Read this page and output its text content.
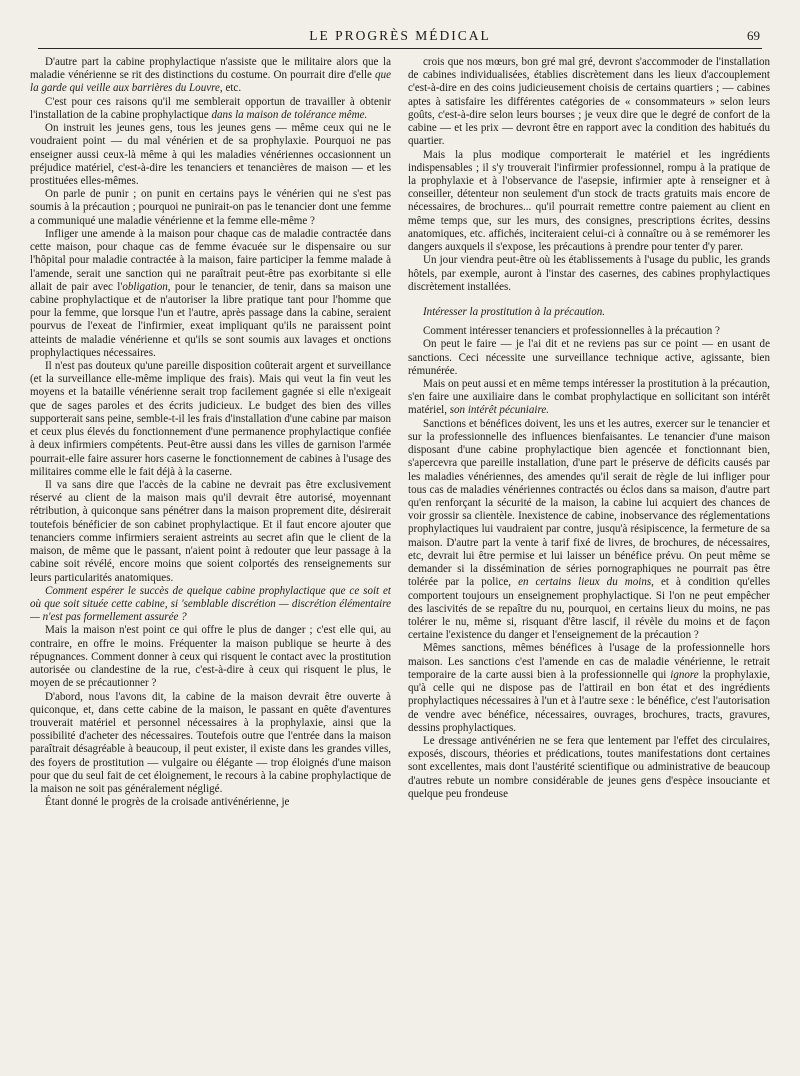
LE PROGRÈS MÉDICAL	69

D'autre part la cabine prophylactique n'assiste que le militaire alors que la maladie vénérienne se rit des distinctions du costume. On pourrait dire d'elle que la garde qui veille aux barrières du Louvre, etc.

C'est pour ces raisons qu'il me semblerait opportun de travailler à obtenir l'installation de la cabine prophylactique dans la maison de tolérance même.

On instruit les jeunes gens, tous les jeunes gens — même ceux qui ne le voudraient point — du mal vénérien et de sa prophylaxie. Pourquoi ne pas enseigner aussi ceux-là même à qui les maladies vénériennes occasionnent un préjudice matériel, c'est-à-dire les tenanciers et tenancières de maison — et les prostituées elles-mêmes.

On parle de punir ; on punit en certains pays le vénérien qui ne s'est pas soumis à la précaution ; pourquoi ne punirait-on pas le tenancier dont une femme a communiqué une maladie vénérienne et la femme elle-même ?

Infliger une amende à la maison pour chaque cas de maladie contractée dans cette maison, pour chaque cas de femme évacuée sur le dispensaire ou sur l'hôpital pour maladie contractée à la maison, faire participer la femme malade à l'amende, serait une sanction qui ne paraîtrait peut-être pas exorbitante si elle allait de pair avec l'obligation, pour le tenancier, de tenir, dans sa maison une cabine prophylactique et de n'autoriser la libre pratique tant pour l'homme que pour la femme, que lorsque l'un et l'autre, après passage dans la cabine, seraient pourvus de l'exeat de l'infirmier, exeat impliquant qu'ils ne paraissent point atteints de maladie vénérienne et qu'ils se sont soumis aux lavages et onctions prophylactiques nécessaires.

Il n'est pas douteux qu'une pareille disposition coûterait argent et surveillance (et la surveillance elle-même implique des frais). Mais qui veut la fin veut les moyens et la bataille vénérienne serait trop facilement gagnée si elle n'exigeait que de sages paroles et des écrits judicieux. Le budget des bien des villes supporterait sans peine, semble-t-il les frais d'installation d'une cabine par maison et ceux plus élevés du fonctionnement d'une permanence prophylactique confiée à deux infirmiers compétents. Peut-être aussi dans les villes de garnison l'armée pourrait-elle faire assurer hors caserne le fonctionnement de cabines à l'usage des militaires comme elle le fait déjà à la caserne.

Il va sans dire que l'accès de la cabine ne devrait pas être exclusivement réservé au client de la maison mais qu'il devrait être autorisé, moyennant rétribution, à quiconque sans pénétrer dans la maison proprement dite, désirerait toutefois bénéficier de son cabinet prophylactique. Et il faut encore ajouter que tenanciers comme infirmiers seraient astreints au secret afin que le client de la maison, de même que le passant, n'aient point à redouter que leur passage à la cabine soit révélé, encore moins que soient colportés des renseignements sur leurs particularités anatomiques.

Comment espérer le succès de quelque cabine prophylactique que ce soit et où que soit située cette cabine, si 'semblable discrétion — discrétion élémentaire — n'est pas formellement assurée ?

Mais la maison n'est point ce qui offre le plus de danger ; c'est elle qui, au contraire, en offre le moins. Fréquenter la maison publique se heurte à des répugnances. Comment donner à ceux qui risquent le contact avec la prostitution autorisée ou clandestine de la rue, c'est-à-dire à ceux qui risquent le plus, le moyen de se précautionner ?

D'abord, nous l'avons dit, la cabine de la maison devrait être ouverte à quiconque, et, dans cette cabine de la maison, le passant en quête d'aventures trouverait matériel et personnel nécessaires à la prophylaxie, ainsi que la possibilité d'acheter des nécessaires. Toutefois outre que l'entrée dans la maison paraîtrait désagréable à beaucoup, il peut exister, il existe dans les grandes villes, des foyers de prostitution — vulgaire ou élégante — trop éloignés d'une maison pour que du seul fait de cet éloignement, le recours à la cabine prophylactique de la maison ne soit pas généralement négligé.

Étant donné le progrès de la croisade antivénérienne, je

crois que nos mœurs, bon gré mal gré, devront s'accommoder de l'installation de cabines individualisées, établies discrètement dans les lieux d'accouplement c'est-à-dire en des coins judicieusement choisis de certains quartiers ; — cabines aptes à satisfaire les différentes catégories de « consommateurs » selon leurs goûts, c'est-à-dire selon leurs bourses ; je veux dire que le degré de confort de la cabine — et les prix — devront être en rapport avec la condition des habitués du quartier.

Mais la plus modique comporterait le matériel et les ingrédients indispensables ; il s'y trouverait l'infirmier professionnel, rompu à la pratique de la prophylaxie et à l'observance de l'asepsie, infirmier apte à renseigner et à conseiller, détenteur non seulement d'un stock de tracts gratuits mais encore de nécessaires, de brochures... qu'il pourrait remettre contre paiement au client en même temps que, sur les murs, des consignes, prescriptions écrites, dessins anatomiques, etc. affichés, inciteraient celui-ci à connaître ou à se remémorer les dangers auxquels il s'expose, les précautions à prendre pour tenter d'y parer.

Un jour viendra peut-être où les établissements à l'usage du public, les grands hôtels, par exemple, auront à l'instar des casernes, des cabines prophylactiques discrètement installées.

Intéresser la prostitution à la précaution.

Comment intéresser tenanciers et professionnelles à la précaution ?

On peut le faire — je l'ai dit et ne reviens pas sur ce point — en usant de sanctions. Ceci nécessite une surveillance technique active, agissante, bien rémunérée.

Mais on peut aussi et en même temps intéresser la prostitution à la précaution, s'en faire une auxiliaire dans le combat prophylactique en sollicitant son intérêt matériel, son intérêt pécuniaire.

Sanctions et bénéfices doivent, les uns et les autres, exercer sur le tenancier et sur la professionnelle des influences bienfaisantes. Le tenancier d'une maison disposant d'une cabine prophylactique bien agencée et fonctionnant bien, s'apercevra que pareille installation, d'une part le préserve de déficits causés par les maladies vénériennes, des amendes qu'il serait de règle de lui infliger pour tous cas de maladies vénériennes contractés ou éclos dans sa maison, d'autre part qu'en renforçant la sécurité de la maison, la cabine lui acquiert des chances de voir grossir sa clientèle. Inexistence de cabine, inobservance des réglementations prophylactiques lui vaudraient par contre, jusqu'à résipiscence, la fermeture de sa maison. D'autre part la vente à tarif fixé de livres, de brochures, de nécessaires, etc, devrait lui être permise et lui laisser un bénéfice prévu. On peut même se demander si la dissémination de séries pornographiques ne pourrait pas être tolérée par la police, en certains lieux du moins, et à condition qu'elles comportent toujours un enseignement prophylactique. Si l'on ne peut empêcher des lascivités de se repaître du nu, pourquoi, en certains lieux du moins, ne pas tolérer le nu, même si, risquant d'être lascif, il révèle du moins et de façon certaine l'existence du danger et l'enseignement de la précaution ?

Mêmes sanctions, mêmes bénéfices à l'usage de la professionnelle hors maison. Les sanctions c'est l'amende en cas de maladie vénérienne, le retrait temporaire de la carte aussi bien à la professionnelle qui ignore la prophylaxie, qu'à celle qui ne dispose pas de l'attirail en bon état et des ingrédients prophylactiques nécessaires à l'un et à l'autre sexe : le bénéfice, c'est l'autorisation de vendre avec bénéfice, nécessaires, ouvrages, brochures, tracts, gravures, dessins prophylactiques.

Le dressage antivénérien ne se fera que lentement par l'effet des circulaires, exposés, discours, théories et prédications, toutes manifestations dont certaines sont excellentes, mais dont l'austérité scientifique ou administrative de beaucoup d'autres rebute un nombre considérable de jeunes gens d'espèce insouciante et quelque peu frondeuse
